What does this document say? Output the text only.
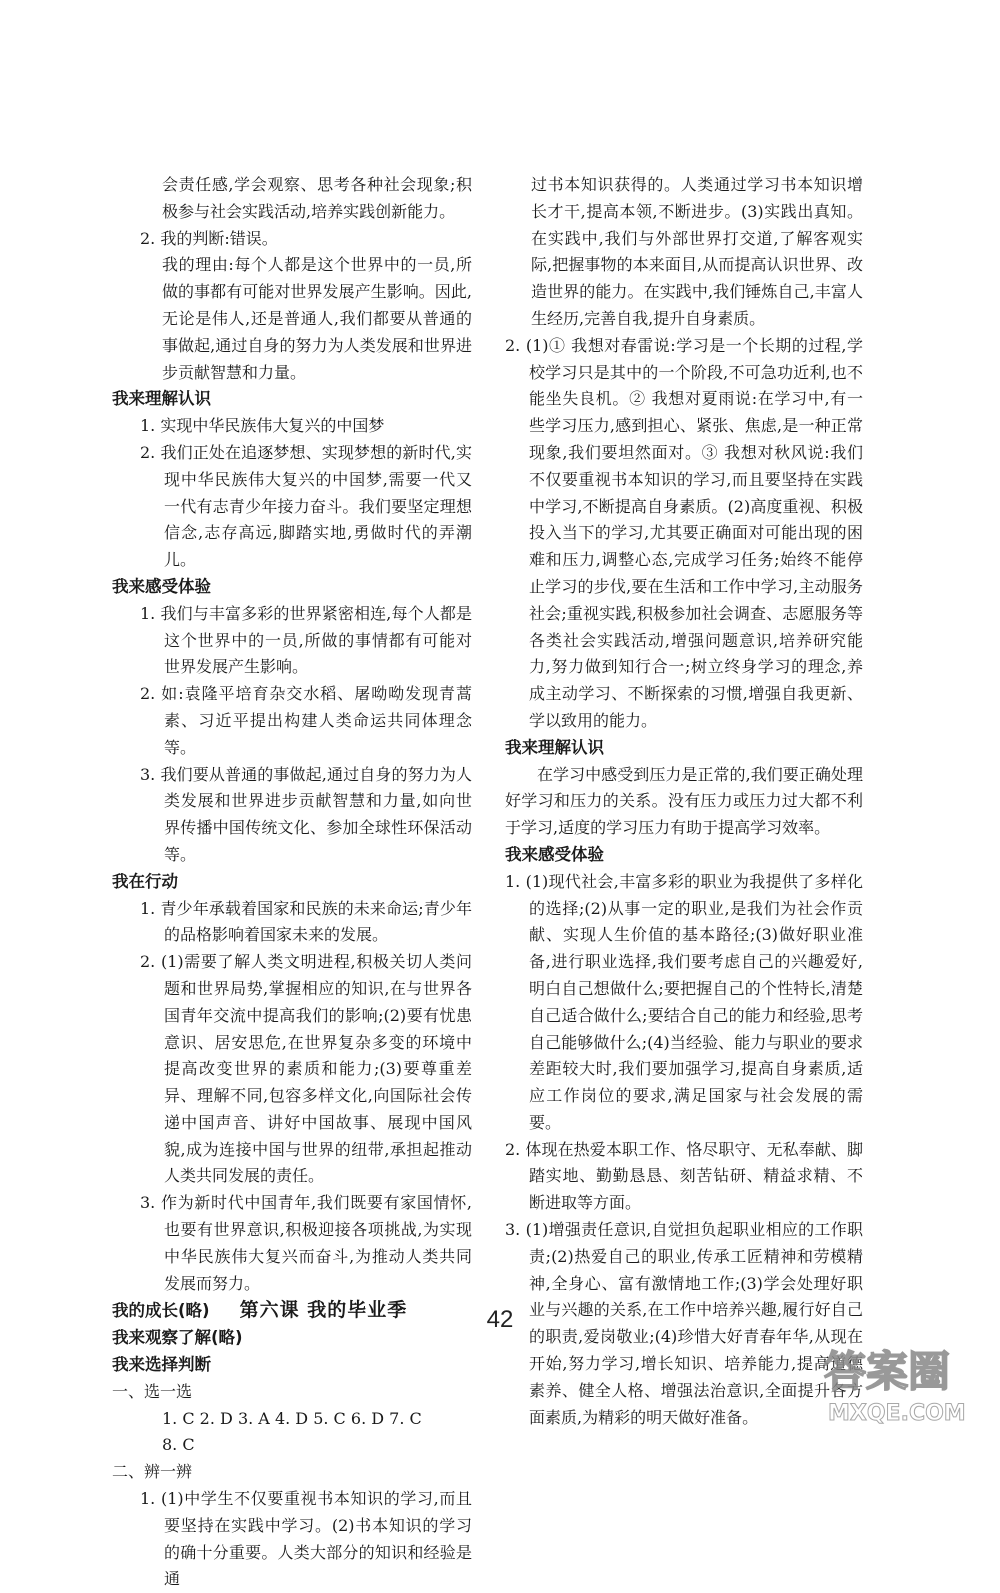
会责任感,学会观察、思考各种社会现象;积极参与社会实践活动,培养实践创新能力。
2. 我的判断:错误。
我的理由:每个人都是这个世界中的一员,所做的事都有可能对世界发展产生影响。因此,无论是伟人,还是普通人,我们都要从普通的事做起,通过自身的努力为人类发展和世界进步贡献智慧和力量。
我来理解认识
1. 实现中华民族伟大复兴的中国梦
2. 我们正处在追逐梦想、实现梦想的新时代,实现中华民族伟大复兴的中国梦,需要一代又一代有志青少年接力奋斗。我们要坚定理想信念,志存高远,脚踏实地,勇做时代的弄潮儿。
我来感受体验
1. 我们与丰富多彩的世界紧密相连,每个人都是这个世界中的一员,所做的事情都有可能对世界发展产生影响。
2. 如:袁隆平培育杂交水稻、屠呦呦发现青蒿素、习近平提出构建人类命运共同体理念等。
3. 我们要从普通的事做起,通过自身的努力为人类发展和世界进步贡献智慧和力量,如向世界传播中国传统文化、参加全球性环保活动等。
我在行动
1. 青少年承载着国家和民族的未来命运;青少年的品格影响着国家未来的发展。
2. (1)需要了解人类文明进程,积极关切人类问题和世界局势,掌握相应的知识,在与世界各国青年交流中提高我们的影响;(2)要有忧患意识、居安思危,在世界复杂多变的环境中提高改变世界的素质和能力;(3)要尊重差异、理解不同,包容多样文化,向国际社会传递中国声音、讲好中国故事、展现中国风貌,成为连接中国与世界的纽带,承担起推动人类共同发展的责任。
3. 作为新时代中国青年,我们既要有家国情怀,也要有世界意识,积极迎接各项挑战,为实现中华民族伟大复兴而奋斗,为推动人类共同发展而努力。
我的成长(略)	第六课 我的毕业季
我来观察了解(略)
我来选择判断
一、选一选
1. C 2. D 3. A 4. D 5. C 6. D 7. C
8. C
二、辨一辨
1. (1)中学生不仅要重视书本知识的学习,而且要坚持在实践中学习。(2)书本知识的学习的确十分重要。人类大部分的知识和经验是通
过书本知识获得的。人类通过学习书本知识增长才干,提高本领,不断进步。(3)实践出真知。在实践中,我们与外部世界打交道,了解客观实际,把握事物的本来面目,从而提高认识世界、改造世界的能力。在实践中,我们锤炼自己,丰富人生经历,完善自我,提升自身素质。
2. (1)① 我想对春雷说:学习是一个长期的过程,学校学习只是其中的一个阶段,不可急功近利,也不能坐失良机。② 我想对夏雨说:在学习中,有一些学习压力,感到担心、紧张、焦虑,是一种正常现象,我们要坦然面对。③ 我想对秋风说:我们不仅要重视书本知识的学习,而且要坚持在实践中学习,不断提高自身素质。(2)高度重视、积极投入当下的学习,尤其要正确面对可能出现的困难和压力,调整心态,完成学习任务;始终不能停止学习的步伐,要在生活和工作中学习,主动服务社会;重视实践,积极参加社会调查、志愿服务等各类社会实践活动,增强问题意识,培养研究能力,努力做到知行合一;树立终身学习的理念,养成主动学习、不断探索的习惯,增强自我更新、学以致用的能力。
我来理解认识
在学习中感受到压力是正常的,我们要正确处理好学习和压力的关系。没有压力或压力过大都不利于学习,适度的学习压力有助于提高学习效率。
我来感受体验
1. (1)现代社会,丰富多彩的职业为我提供了多样化的选择;(2)从事一定的职业,是我们为社会作贡献、实现人生价值的基本路径;(3)做好职业准备,进行职业选择,我们要考虑自己的兴趣爱好,明白自己想做什么;要把握自己的个性特长,清楚自己适合做什么;要结合自己的能力和经验,思考自己能够做什么;(4)当经验、能力与职业的要求差距较大时,我们要加强学习,提高自身素质,适应工作岗位的要求,满足国家与社会发展的需要。
2. 体现在热爱本职工作、恪尽职守、无私奉献、脚踏实地、勤勤恳恳、刻苦钻研、精益求精、不断进取等方面。
3. (1)增强责任意识,自觉担负起职业相应的工作职责;(2)热爱自己的职业,传承工匠精神和劳模精神,全身心、富有激情地工作;(3)学会处理好职业与兴趣的关系,在工作中培养兴趣,履行好自己的职责,爱岗敬业;(4)珍惜大好青春年华,从现在开始,努力学习,增长知识、培养能力,提高道德素养、健全人格、增强法治意识,全面提升各方面素质,为精彩的明天做好准备。
42
答案圈
MXQE.COM
